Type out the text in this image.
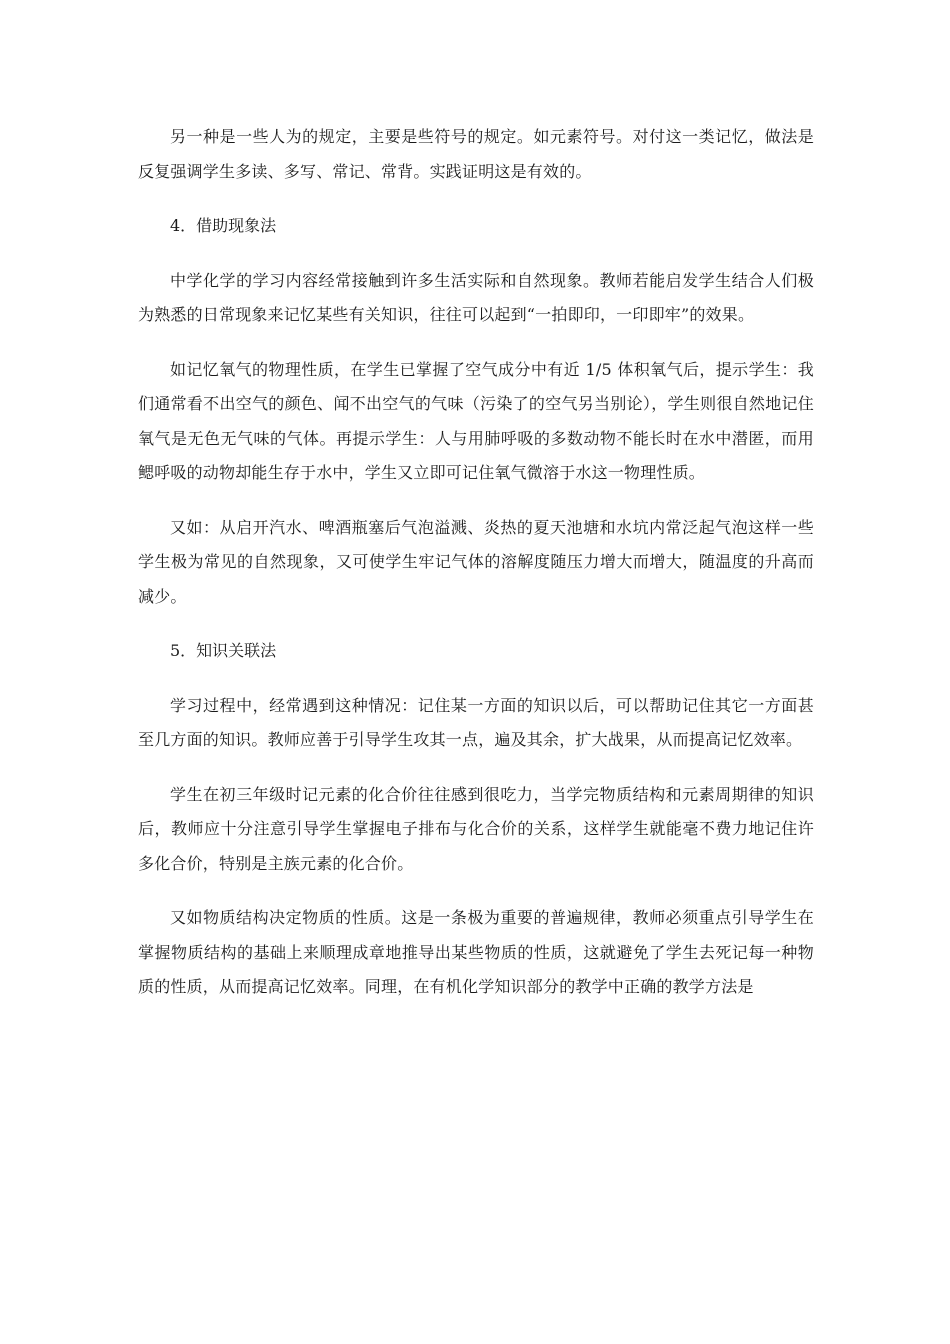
另一种是一些人为的规定，主要是些符号的规定。如元素符号。对付这一类记忆，做法是反复强调学生多读、多写、常记、常背。实践证明这是有效的。

4．借助现象法

中学化学的学习内容经常接触到许多生活实际和自然现象。教师若能启发学生结合人们极为熟悉的日常现象来记忆某些有关知识，往往可以起到“一拍即印，一印即牢”的效果。

如记忆氧气的物理性质，在学生已掌握了空气成分中有近 1/5 体积氧气后，提示学生：我们通常看不出空气的颜色、闻不出空气的气味（污染了的空气另当别论），学生则很自然地记住氧气是无色无气味的气体。再提示学生：人与用肺呼吸的多数动物不能长时在水中潜匿，而用鳃呼吸的动物却能生存于水中，学生又立即可记住氧气微溶于水这一物理性质。

又如：从启开汽水、啤酒瓶塞后气泡溢溅、炎热的夏天池塘和水坑内常泛起气泡这样一些学生极为常见的自然现象，又可使学生牢记气体的溶解度随压力增大而增大，随温度的升高而减少。

5．知识关联法

学习过程中，经常遇到这种情况：记住某一方面的知识以后，可以帮助记住其它一方面甚至几方面的知识。教师应善于引导学生攻其一点，遍及其余，扩大战果，从而提高记忆效率。

学生在初三年级时记元素的化合价往往感到很吃力，当学完物质结构和元素周期律的知识后，教师应十分注意引导学生掌握电子排布与化合价的关系，这样学生就能毫不费力地记住许多化合价，特别是主族元素的化合价。

又如物质结构决定物质的性质。这是一条极为重要的普遍规律，教师必须重点引导学生在掌握物质结构的基础上来顺理成章地推导出某些物质的性质，这就避免了学生去死记每一种物质的性质，从而提高记忆效率。同理，在有机化学知识部分的教学中正确的教学方法是
